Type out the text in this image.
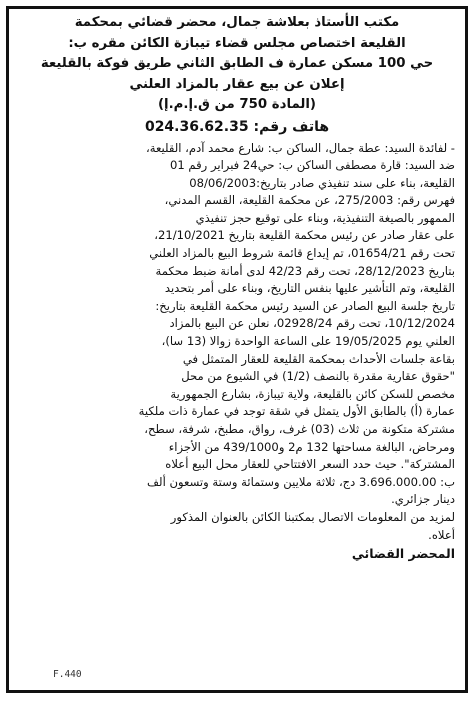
مكتب الأستاذ بعلاشة جمال، محضر قضائي بمحكمة
القليعة اختصاص مجلس قضاء تيبازة الكائن مقره ب:
حي 100 مسكن عمارة ف الطابق الثاني طريق فوكة بالقليعة
إعلان عن بيع عقار بالمزاد العلني
(المادة 750 من ق.إ.م.إ)
هاتف رقم: 024.36.62.35
- لفائدة السيد: عطة جمال، الساكن ب: شارع محمد آدم، القليعة،
ضد السيد: قارة مصطفى الساكن ب: حي24 فبراير رقم 01
القليعة، بناء على سند تنفيذي صادر بتاريخ:08/06/2003
فهرس رقم: 275/2003، عن محكمة القليعة، القسم المدني،
الممهور بالصيغة التنفيذية، وبناء على توقيع حجز تنفيذي
على عقار صادر عن رئيس محكمة القليعة بتاريخ 21/10/2021،
تحت رقم 01654/21، تم إيداع قائمة شروط البيع بالمزاد العلني
بتاريخ 28/12/2023، تحت رقم 42/23 لدى أمانة ضبط محكمة
القليعة، وتم التأشير عليها بنفس التاريخ، وبناء على أمر بتحديد
تاريخ جلسة البيع الصادر عن السيد رئيس محكمة القليعة بتاريخ:
10/12/2024، تحت رقم 02928/24، نعلن عن البيع بالمزاد
العلني يوم 19/05/2025 على الساعة الواحدة زوالا (13 سا)،
بقاعة جلسات الأحداث بمحكمة القليعة للعقار المتمثل في
"حقوق عقارية مقدرة بالنصف (1/2) في الشيوع من محل
مخصص للسكن كائن بالقليعة، ولاية تيبازة، بشارع الجمهورية
عمارة (أ) بالطابق الأول يتمثل في شقة توجد في عمارة ذات ملكية
مشتركة متكونة من ثلاث (03) غرف، رواق، مطبخ، شرفة، سطح،
ومرحاض، البالغة مساحتها 132 م2 و439/1000 من الأجزاء
المشتركة". حيث حدد السعر الافتتاحي للعقار محل البيع أعلاه
ب: 3.696.000.00 دج، ثلاثة ملايين وستمائة وستة وتسعون ألف
دينار جزائري.
لمزيد من المعلومات الاتصال بمكتبنا الكائن بالعنوان المذكور
أعلاه.
المحضر القضائي
F.440
